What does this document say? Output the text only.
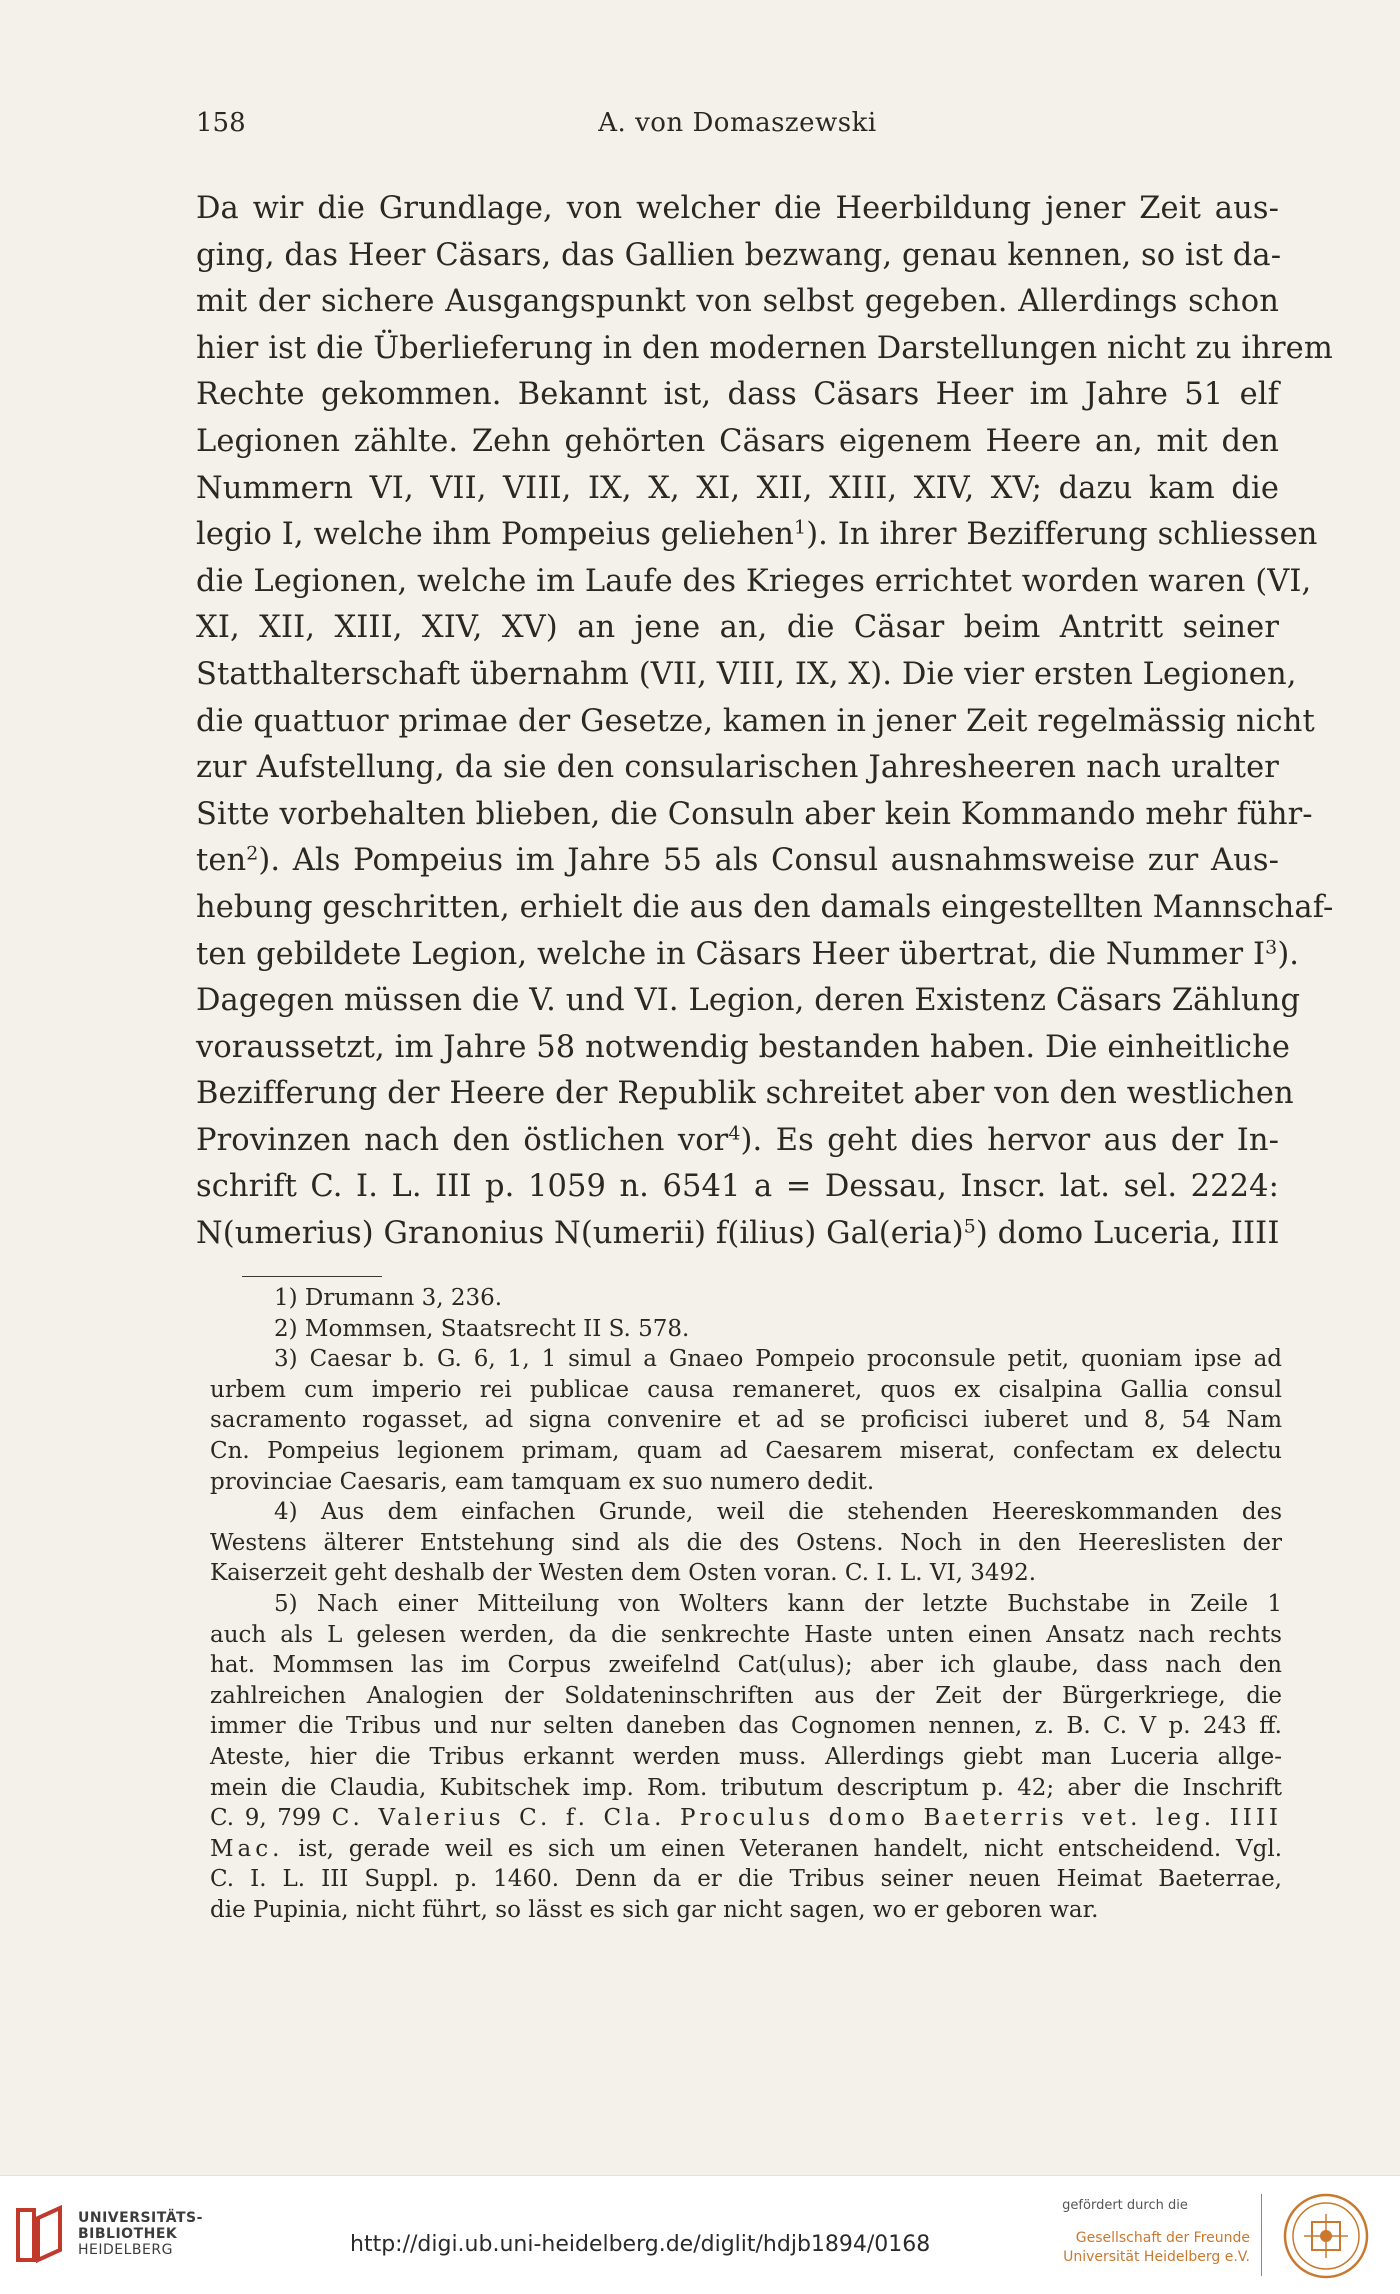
158	A. von Domaszewski
Da wir die Grundlage, von welcher die Heerbildung jener Zeit aus-
ging, das Heer Cäsars, das Gallien bezwang, genau kennen, so ist da-
mit der sichere Ausgangspunkt von selbst gegeben. Allerdings schon
hier ist die Überlieferung in den modernen Darstellungen nicht zu ihrem
Rechte gekommen. Bekannt ist, dass Cäsars Heer im Jahre 51 elf
Legionen zählte. Zehn gehörten Cäsars eigenem Heere an, mit den
Nummern VI, VII, VIII, IX, X, XI, XII, XIII, XIV, XV; dazu kam die
legio I, welche ihm Pompeius geliehen$^1$). In ihrer Bezifferung schliessen
die Legionen, welche im Laufe des Krieges errichtet worden waren (VI,
XI, XII, XIII, XIV, XV) an jene an, die Cäsar beim Antritt seiner
Statthalterschaft übernahm (VII, VIII, IX, X). Die vier ersten Legionen,
die quattuor primae der Gesetze, kamen in jener Zeit regelmässig nicht
zur Aufstellung, da sie den consularischen Jahresheeren nach uralter
Sitte vorbehalten blieben, die Consuln aber kein Kommando mehr führ-
ten$^2$). Als Pompeius im Jahre 55 als Consul ausnahmsweise zur Aus-
hebung geschritten, erhielt die aus den damals eingestellten Mannschaf-
ten gebildete Legion, welche in Cäsars Heer übertrat, die Nummer $I^3$).
Dagegen müssen die V. und VI. Legion, deren Existenz Cäsars Zählung
voraussetzt, im Jahre 58 notwendig bestanden haben. Die einheitliche
Bezifferung der Heere der Republik schreitet aber von den westlichen
Provinzen nach den östlichen vor$^4$). Es geht dies hervor aus der In-
schrift C. I. L. III p. 1059 n. 6541 a = Dessau, Inscr. lat. sel. 2224:
N(umerius) Granonius N(umerii) f(ilius) Gal(eria)$^5$) domo Luceria, IIII
1) Drumann 3, 236.
2) Mommsen, Staatsrecht II S. 578.
3) Caesar b. G. 6, 1, 1 simul a Gnaeo Pompeio proconsule petit, quoniam ipse ad
urbem cum imperio rei publicae causa remaneret, quos ex cisalpina Gallia consul
sacramento rogasset, ad signa convenire et ad se proficisci iuberet und 8, 54 Nam
Cn. Pompeius legionem primam, quam ad Caesarem miserat, confectam ex delectu
provinciae Caesaris, eam tamquam ex suo numero dedit.
4) Aus dem einfachen Grunde, weil die stehenden Heereskommanden des
Westens älterer Entstehung sind als die des Ostens. Noch in den Heereslisten der
Kaiserzeit geht deshalb der Westen dem Osten voran. C. I. L. VI, 3492.
5) Nach einer Mitteilung von Wolters kann der letzte Buchstabe in Zeile 1
auch als L gelesen werden, da die senkrechte Haste unten einen Ansatz nach rechts
hat. Mommsen las im Corpus zweifelnd Cat(ulus); aber ich glaube, dass nach den
zahlreichen Analogien der Soldateninschriften aus der Zeit der Bürgerkriege, die
immer die Tribus und nur selten daneben das Cognomen nennen, z. B. C. V p. 243 ff.
Ateste, hier die Tribus erkannt werden muss. Allerdings giebt man Luceria allge-
mein die Claudia, Kubitschek imp. Rom. tributum descriptum p. 42; aber die Inschrift
C. 9, 799 C. Valerius C. f. Cla. Proculus domo Baeterris vet. leg. IIII
Mac. ist, gerade weil es sich um einen Veteranen handelt, nicht entscheidend. Vgl.
C. I. L. III Suppl. p. 1460. Denn da er die Tribus seiner neuen Heimat Baeterrae,
die Pupinia, nicht führt, so lässt es sich gar nicht sagen, wo er geboren war.
UNIVERSITÄTS-
BIBLIOTHEK
HEIDELBERG	http://digi.ub.uni-heidelberg.de/diglit/hdjb1894/0168
gefördert durch die
Gesellschaft der Freunde
Universität Heidelberg e.V.
